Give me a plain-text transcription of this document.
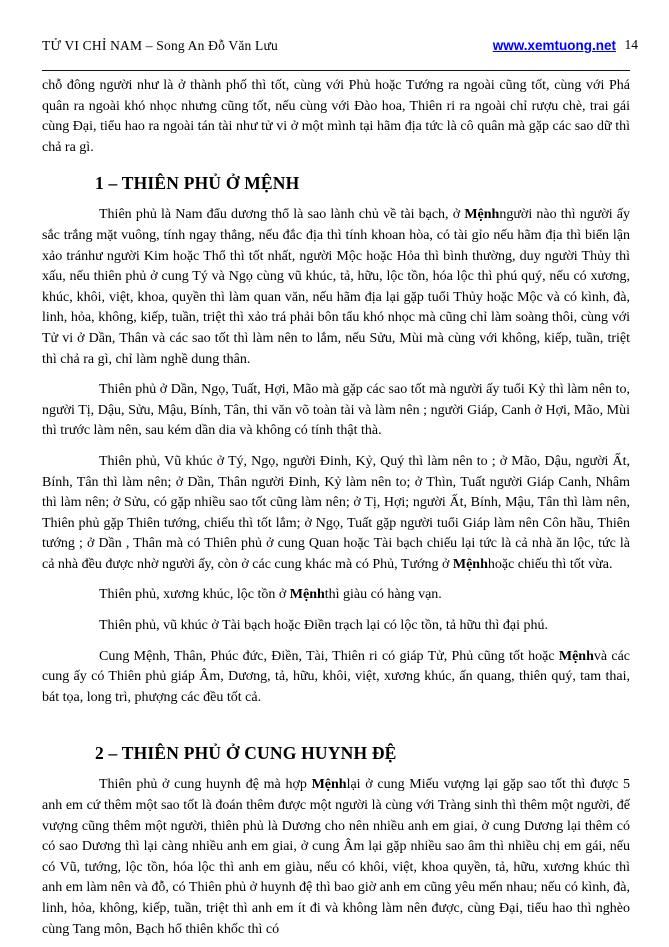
TỬ VI CHỈ NAM – Song An Đỗ Văn Lưu	www.xemtuong.net 14

chỗ đông người như là ở thành phố thì tốt, cùng với Phủ hoặc Tướng ra ngoài cũng tốt, cùng với Phá quân ra ngoài khó nhọc nhưng cũng tốt, nếu cùng với Đào hoa, Thiên ri ra ngoài chỉ rượu chè, trai gái cùng Đại, tiểu hao ra ngoài tán tài như tử vi ở một mình tại hãm địa tức là cô quân mà gặp các sao dữ thì chả ra gì.

1 – THIÊN PHỦ Ở MỆNH

Thiên phủ là Nam đẩu dương thổ là sao lành chủ về tài bạch, ở Mệnhngười nào thì người ấy sắc trắng mặt vuông, tính ngay thẳng, nếu đắc địa thì tính khoan hòa, có tài gỉo nếu hãm địa thì biển lận xảo tránhư người Kim hoặc Thổ thì tốt nhất, người Mộc hoặc Hỏa thì bình thường, duy người Thủy thì xấu, nếu thiên phủ ở cung Tý và Ngọ cùng vũ khúc, tả, hữu, lộc tồn, hóa lộc thì phú quý, nếu có xương, khúc, khôi, việt, khoa, quyền thì làm quan văn, nếu hãm địa lại gặp tuổi Thủy hoặc Mộc và có kình, đà, linh, hỏa, không, kiếp, tuần, triệt thì xảo trá phải bôn tẩu khó nhọc mà cũng chỉ làm soàng thôi, cùng với Tử vi ở Dần, Thân và các sao tốt thì làm nên to lắm, nếu Sửu, Mùi mà cùng với không, kiếp, tuần, triệt thì chả ra gì, chỉ làm nghề dung thân.

Thiên phủ ở Dần, Ngọ, Tuất, Hợi, Mão mà gặp các sao tốt mà người ấy tuổi Kỷ thì làm nên to, người Tị, Dậu, Sửu, Mậu, Bính, Tân, thi văn võ toàn tài và làm nên ; người Giáp, Canh ở Hợi, Mão, Mùi thì trước làm nên, sau kém dần dia và không có tính thật thà.

Thiên phủ, Vũ khúc ở Tý, Ngọ, người Đinh, Kỷ, Quý thì làm nên to ; ở Mão, Dậu, người Ất, Bính, Tân thì làm nên; ở Dần, Thân người Đinh, Kỷ làm nên to; ở Thìn, Tuất người Giáp Canh, Nhâm thì làm nên; ở Sửu, có gặp nhiều sao tốt cũng làm nên; ở Tị, Hợi; người Ất, Bính, Mậu, Tân thì làm nên, Thiên phủ gặp Thiên tướng, chiếu thì tốt lắm; ở Ngọ, Tuất gặp người tuổi Giáp làm nên Côn hầu, Thiên tướng ; ở Dần , Thân mà có Thiên phủ ở cung Quan hoặc Tài bạch chiếu lại tức là cả nhà ăn lộc, tức là cả nhà đều được nhờ người ấy, còn ở các cung khác mà có Phủ, Tướng ở Mệnhhoặc chiếu thì tốt vừa.

Thiên phủ, xương khúc, lộc tồn ở Mệnhthì giàu có hàng vạn.

Thiên phủ, vũ khúc ở Tài bạch hoặc Điền trạch lại có lộc tồn, tả hữu thì đại phú.

Cung Mệnh, Thân, Phúc đức, Điền, Tài, Thiên ri có giáp Tử, Phủ cũng tốt hoặc Mệnhvà các cung ấy có Thiên phủ giáp Âm, Dương, tả, hữu, khôi, việt, xương khúc, ấn quang, thiên quý, tam thai, bát tọa, long trì, phượng các đều tốt cả.

2 – THIÊN PHỦ Ở CUNG HUYNH ĐỆ

Thiên phủ ở cung huynh đệ mà hợp Mệnhlại ở cung Miếu vượng lại gặp sao tốt thì được 5 anh em cứ thêm một sao tốt là đoán thêm được một người là cùng với Tràng sinh thì thêm một người, đế vượng cũng thêm một người, thiên phủ là Dương cho nên nhiều anh em giai, ở cung Dương lại thêm có có sao Dương thì lại càng nhiều anh em giai, ở cung Âm lại gặp nhiều sao âm thì nhiều chị em gái, nếu có Vũ, tướng, lộc tồn, hóa lộc thì anh em giàu, nếu có khôi, việt, khoa quyền, tả, hữu, xương khúc thì anh em làm nên và đỗ, có Thiên phủ ở huynh đệ thì bao giờ anh em cũng yêu mến nhau; nếu có kình, đà, linh, hỏa, không, kiếp, tuần, triệt thì anh em ít đi và không làm nên được, cùng Đại, tiểu hao thì nghèo cùng Tang môn, Bạch hổ thiên khốc thì có
